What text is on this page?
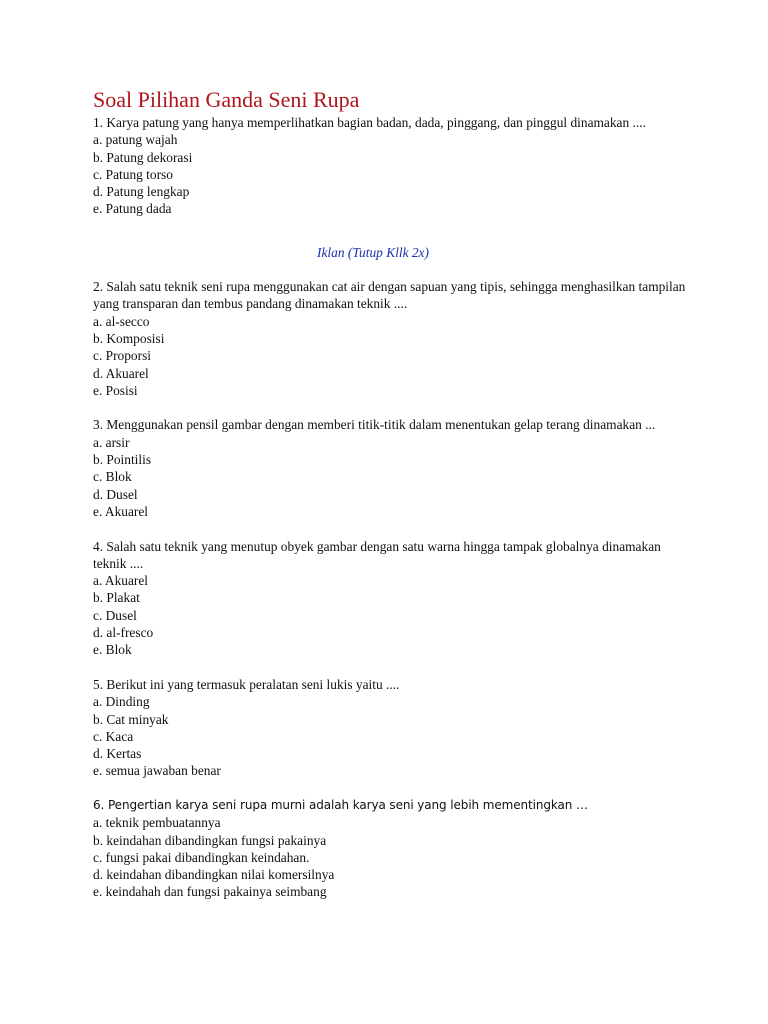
Soal Pilihan Ganda Seni Rupa

1. Karya patung yang hanya memperlihatkan bagian badan, dada, pinggang, dan pinggul dinamakan ....

a. patung wajah
b. Patung dekorasi
c. Patung torso
d. Patung lengkap
e. Patung dada
Iklan (Tutup Kllk 2x)

2. Salah satu teknik seni rupa menggunakan cat air dengan sapuan yang tipis, sehingga menghasilkan tampilan yang transparan dan tembus pandang dinamakan teknik ....

a. al-secco
b. Komposisi
c. Proporsi
d. Akuarel
e. Posisi

3. Menggunakan pensil gambar dengan memberi titik-titik dalam menentukan gelap terang dinamakan ...

a. arsir
b. Pointilis
c. Blok
d. Dusel
e. Akuarel

4. Salah satu teknik yang menutup obyek gambar dengan satu warna hingga tampak globalnya dinamakan teknik ....

a. Akuarel
b. Plakat
c. Dusel
d. al-fresco
e. Blok

5. Berikut ini yang termasuk peralatan seni lukis yaitu ....

a. Dinding
b. Cat minyak
c. Kaca
d. Kertas
e. semua jawaban benar

6. Pengertian karya seni rupa murni adalah karya seni yang lebih mementingkan …

a. teknik pembuatannya
b. keindahan dibandingkan fungsi pakainya
c. fungsi pakai dibandingkan keindahan.
d. keindahan dibandingkan nilai komersilnya
e. keindahah dan fungsi pakainya seimbang
